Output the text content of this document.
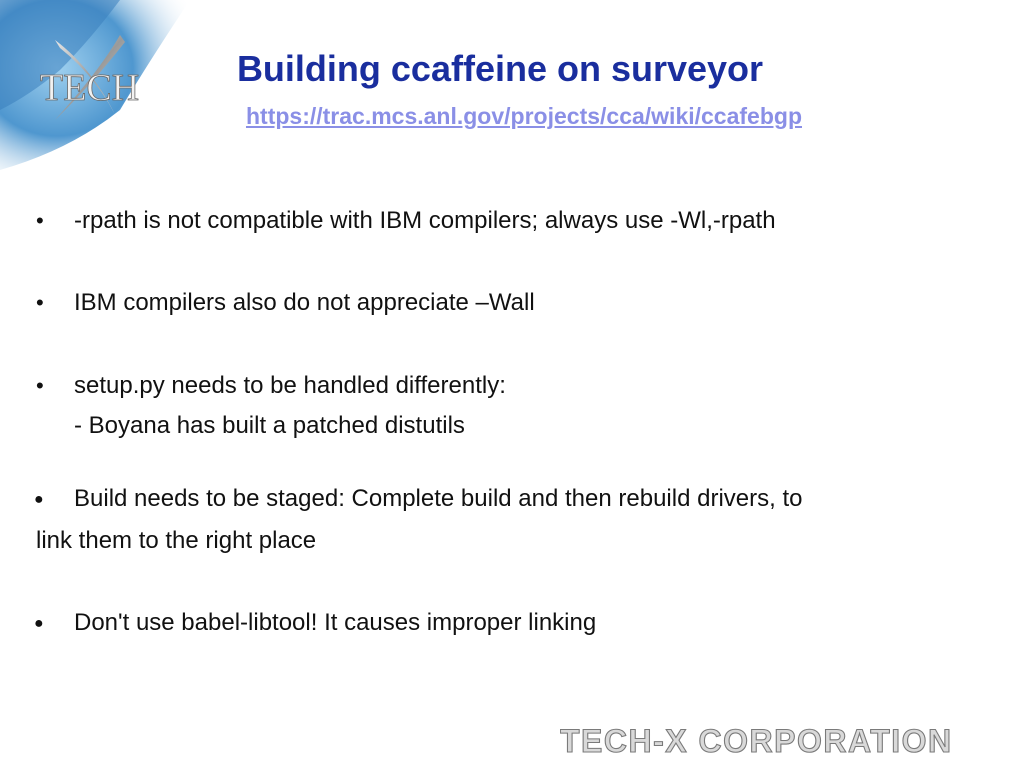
TECH	Building ccaffeine on surveyor
https://trac.mcs.anl.gov/projects/cca/wiki/ccafebgp
• -rpath is not compatible with IBM compilers; always use -Wl,-rpath
• IBM compilers also do not appreciate –Wall
• setup.py needs to be handled differently:
- Boyana has built a patched distutils
● Build needs to be staged: Complete build and then rebuild drivers, to
link them to the right place
● Don't use babel-libtool! It causes improper linking
TECH-X CORPORATION
